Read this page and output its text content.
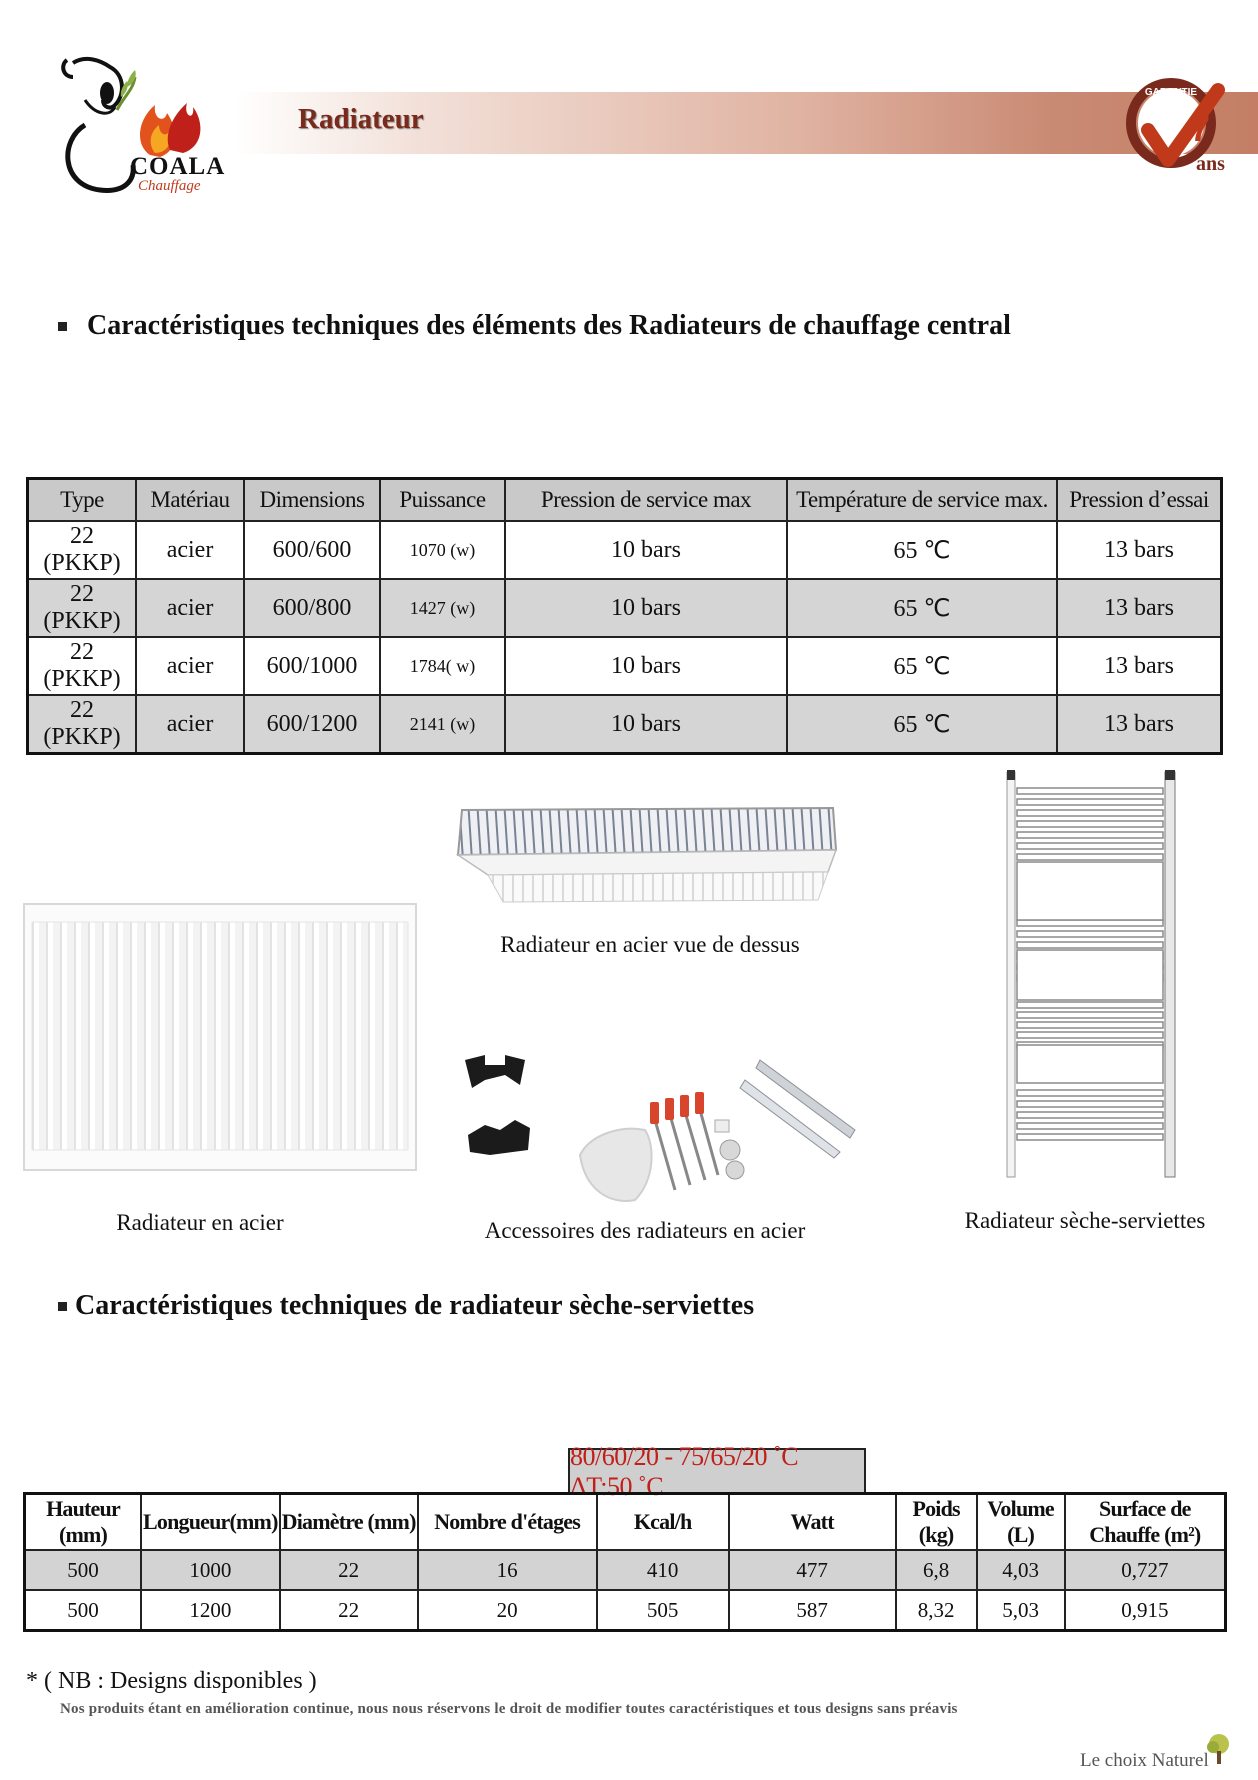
Radiateur
COALA
Chauffage
GARANTIE
7
ans
Caractéristiques techniques des éléments des Radiateurs de chauffage central
Type	Matériau	Dimensions	Puissance	Pression de service max	Température de service max.	Pression d’essai
22 (PKKP)	acier	600/600	1070 (w)	10 bars	65 ℃	13 bars
22 (PKKP)	acier	600/800	1427 (w)	10 bars	65 ℃	13 bars
22 (PKKP)	acier	600/1000	1784( w)	10 bars	65 ℃	13 bars
22 (PKKP)	acier	600/1200	2141 (w)	10 bars	65 ℃	13 bars
Radiateur en acier vue de dessus
Radiateur en acier	Accessoires des radiateurs en acier	Radiateur sèche-serviettes
Caractéristiques techniques de radiateur sèche-serviettes
80/60/20 - 75/65/20 ˚C ΔT:50 ˚C
Hauteur (mm)	Longueur(mm)	Diamètre (mm)	Nombre d'étages	Kcal/h	Watt	Poids (kg)	Volume (L)	Surface de Chauffe (m²)
500	1000	22	16	410	477	6,8	4,03	0,727
500	1200	22	20	505	587	8,32	5,03	0,915
* ( NB : Designs disponibles )
Nos produits étant en amélioration continue, nous nous réservons le droit de modifier toutes caractéristiques et tous designs sans préavis
Le choix Naturel
